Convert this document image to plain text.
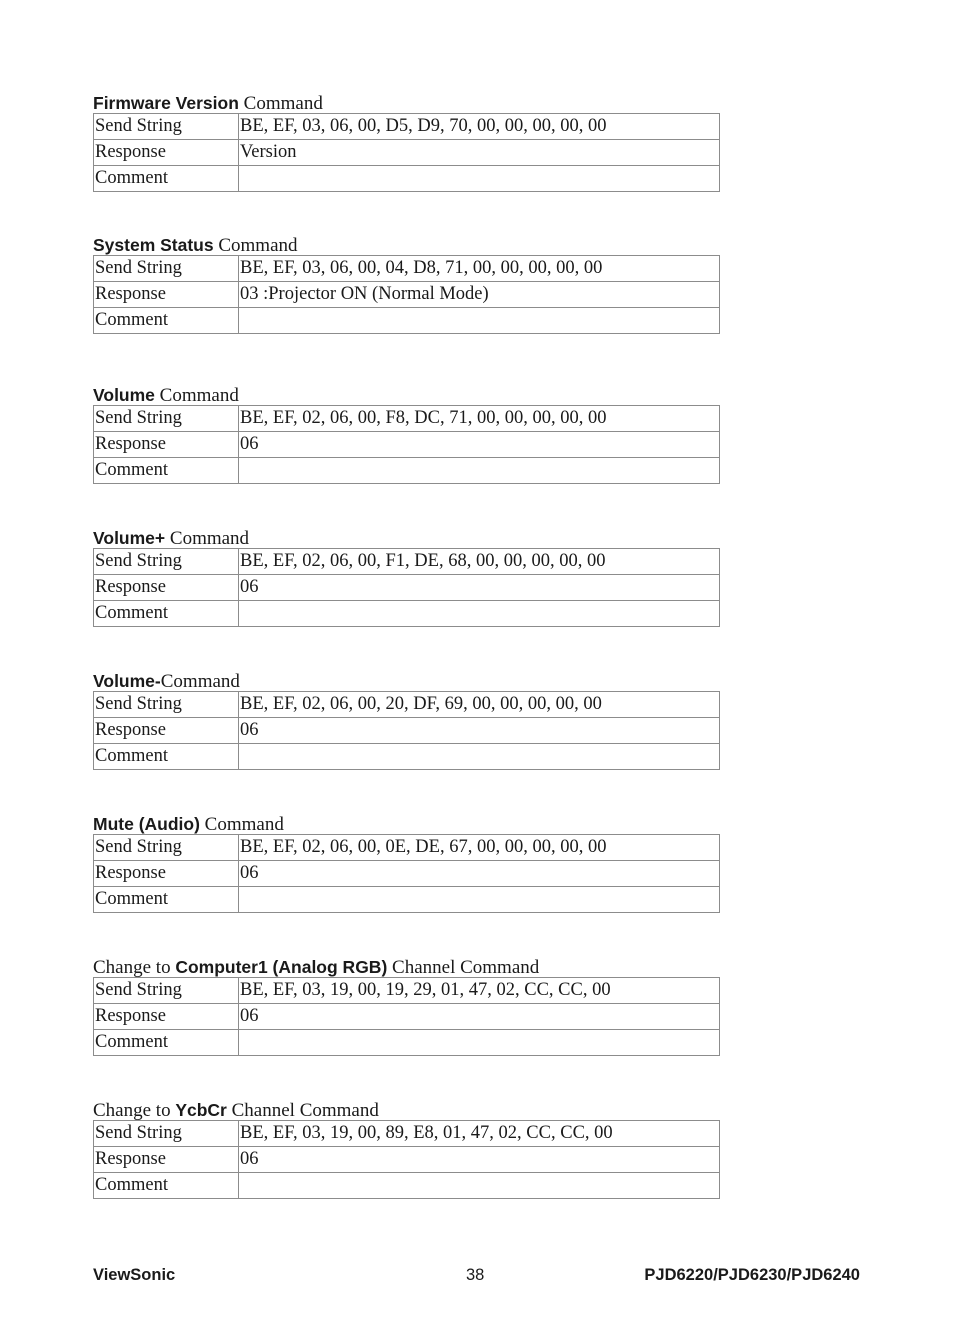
Firmware Version Command
Send String	BE, EF, 03, 06, 00, D5, D9, 70, 00, 00, 00, 00, 00
Response	Version
Comment	
System Status Command
Send String	BE, EF, 03, 06, 00, 04, D8, 71, 00, 00, 00, 00, 00
Response	03 :Projector ON (Normal Mode)
Comment	
Volume Command
Send String	BE, EF, 02, 06, 00, F8, DC, 71, 00, 00, 00, 00, 00
Response	06
Comment	
Volume+ Command
Send String	BE, EF, 02, 06, 00, F1, DE, 68, 00, 00, 00, 00, 00
Response	06
Comment	
Volume-Command
Send String	BE, EF, 02, 06, 00, 20, DF, 69, 00, 00, 00, 00, 00
Response	06
Comment	
Mute (Audio) Command
Send String	BE, EF, 02, 06, 00, 0E, DE, 67, 00, 00, 00, 00, 00
Response	06
Comment	
Change to Computer1 (Analog RGB) Channel Command
Send String	BE, EF, 03, 19, 00, 19, 29, 01, 47, 02, CC, CC, 00
Response	06
Comment	
Change to YcbCr Channel Command
Send String	BE, EF, 03, 19, 00, 89, E8, 01, 47, 02, CC, CC, 00
Response	06
Comment	
ViewSonic	38	PJD6220/PJD6230/PJD6240
